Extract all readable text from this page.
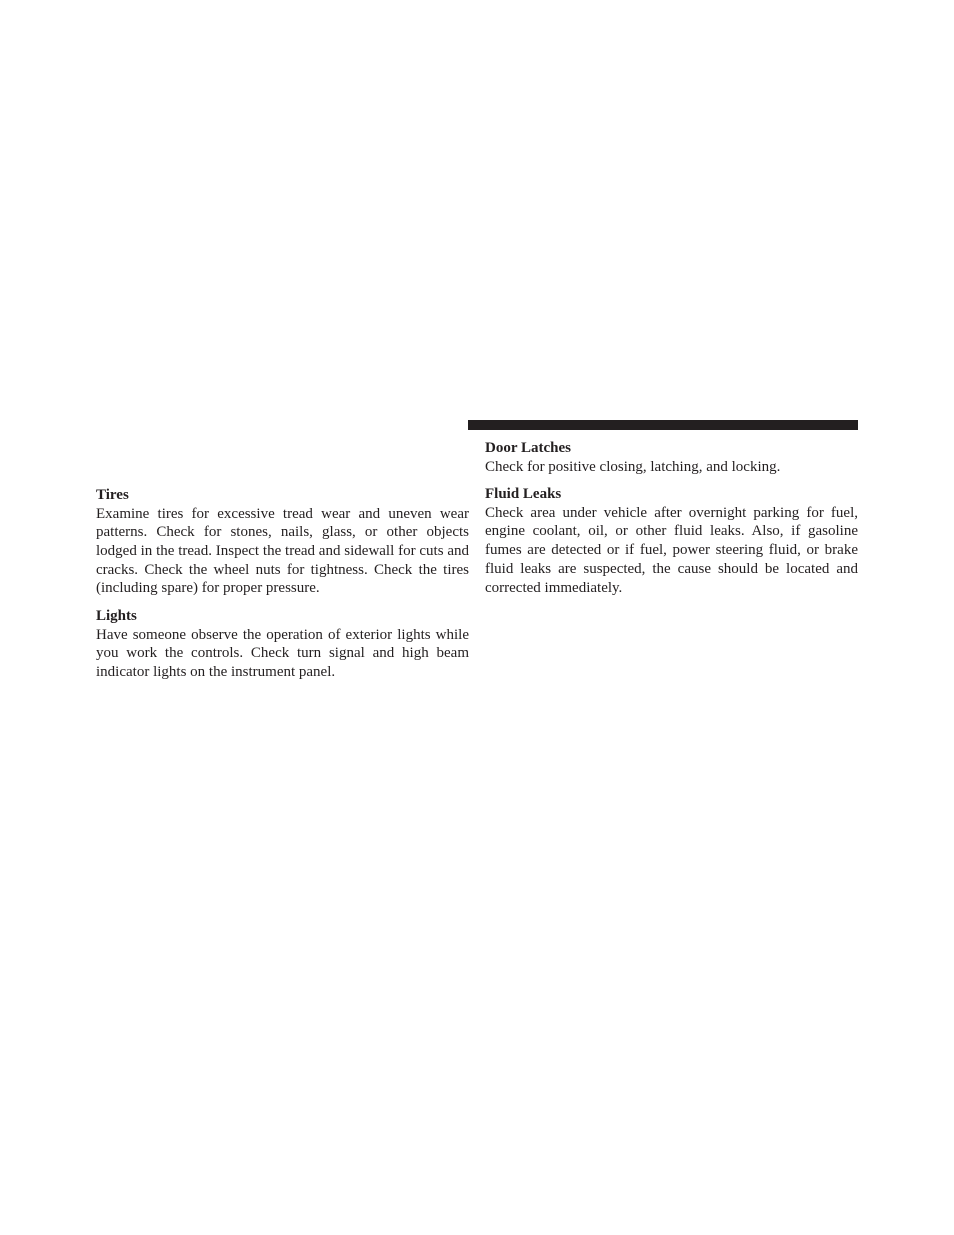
Tires

Examine tires for excessive tread wear and uneven wear patterns. Check for stones, nails, glass, or other objects lodged in the tread. Inspect the tread and sidewall for cuts and cracks. Check the wheel nuts for tightness. Check the tires (including spare) for proper pressure.

Lights

Have someone observe the operation of exterior lights while you work the controls. Check turn signal and high beam indicator lights on the instrument panel.

Door Latches

Check for positive closing, latching, and locking.

Fluid Leaks

Check area under vehicle after overnight parking for fuel, engine coolant, oil, or other fluid leaks. Also, if gasoline fumes are detected or if fuel, power steering fluid, or brake fluid leaks are suspected, the cause should be located and corrected immediately.
